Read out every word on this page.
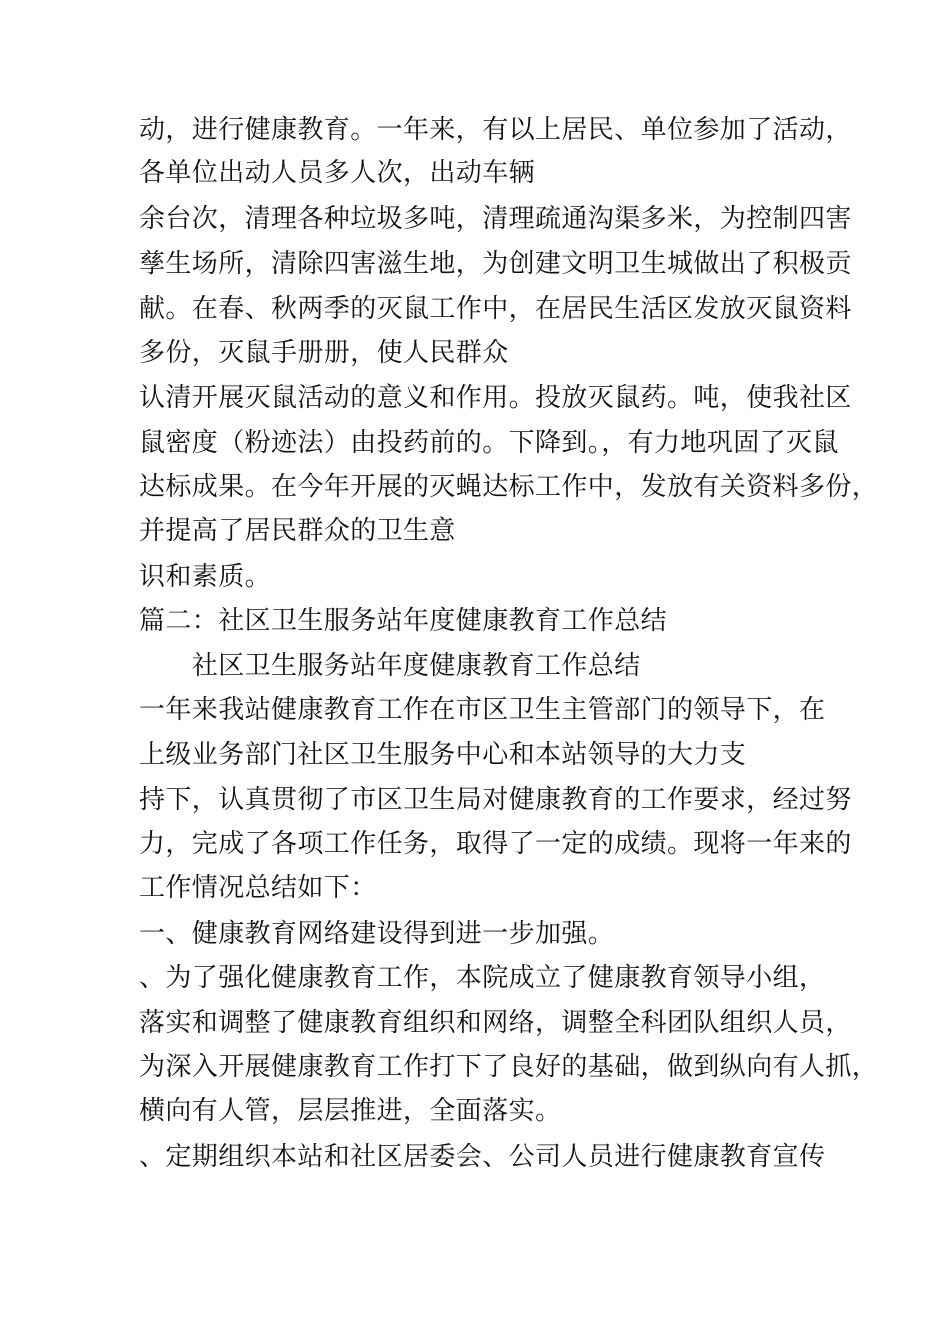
动，进行健康教育。一年来，有以上居民、单位参加了活动，
各单位出动人员多人次，出动车辆
余台次，清理各种垃圾多吨，清理疏通沟渠多米，为控制四害
孳生场所，清除四害滋生地，为创建文明卫生城做出了积极贡
献。在春、秋两季的灭鼠工作中，在居民生活区发放灭鼠资料
多份，灭鼠手册册，使人民群众
认清开展灭鼠活动的意义和作用。投放灭鼠药。吨，使我社区
鼠密度（粉迹法）由投药前的。下降到。，有力地巩固了灭鼠
达标成果。在今年开展的灭蝇达标工作中，发放有关资料多份，
并提高了居民群众的卫生意
识和素质。
篇二：社区卫生服务站年度健康教育工作总结
　　社区卫生服务站年度健康教育工作总结
一年来我站健康教育工作在市区卫生主管部门的领导下，在
上级业务部门社区卫生服务中心和本站领导的大力支
持下，认真贯彻了市区卫生局对健康教育的工作要求，经过努
力，完成了各项工作任务，取得了一定的成绩。现将一年来的
工作情况总结如下：
一、健康教育网络建设得到进一步加强。
、为了强化健康教育工作，本院成立了健康教育领导小组，
落实和调整了健康教育组织和网络，调整全科团队组织人员，
为深入开展健康教育工作打下了良好的基础，做到纵向有人抓，
横向有人管，层层推进，全面落实。
、定期组织本站和社区居委会、公司人员进行健康教育宣传
